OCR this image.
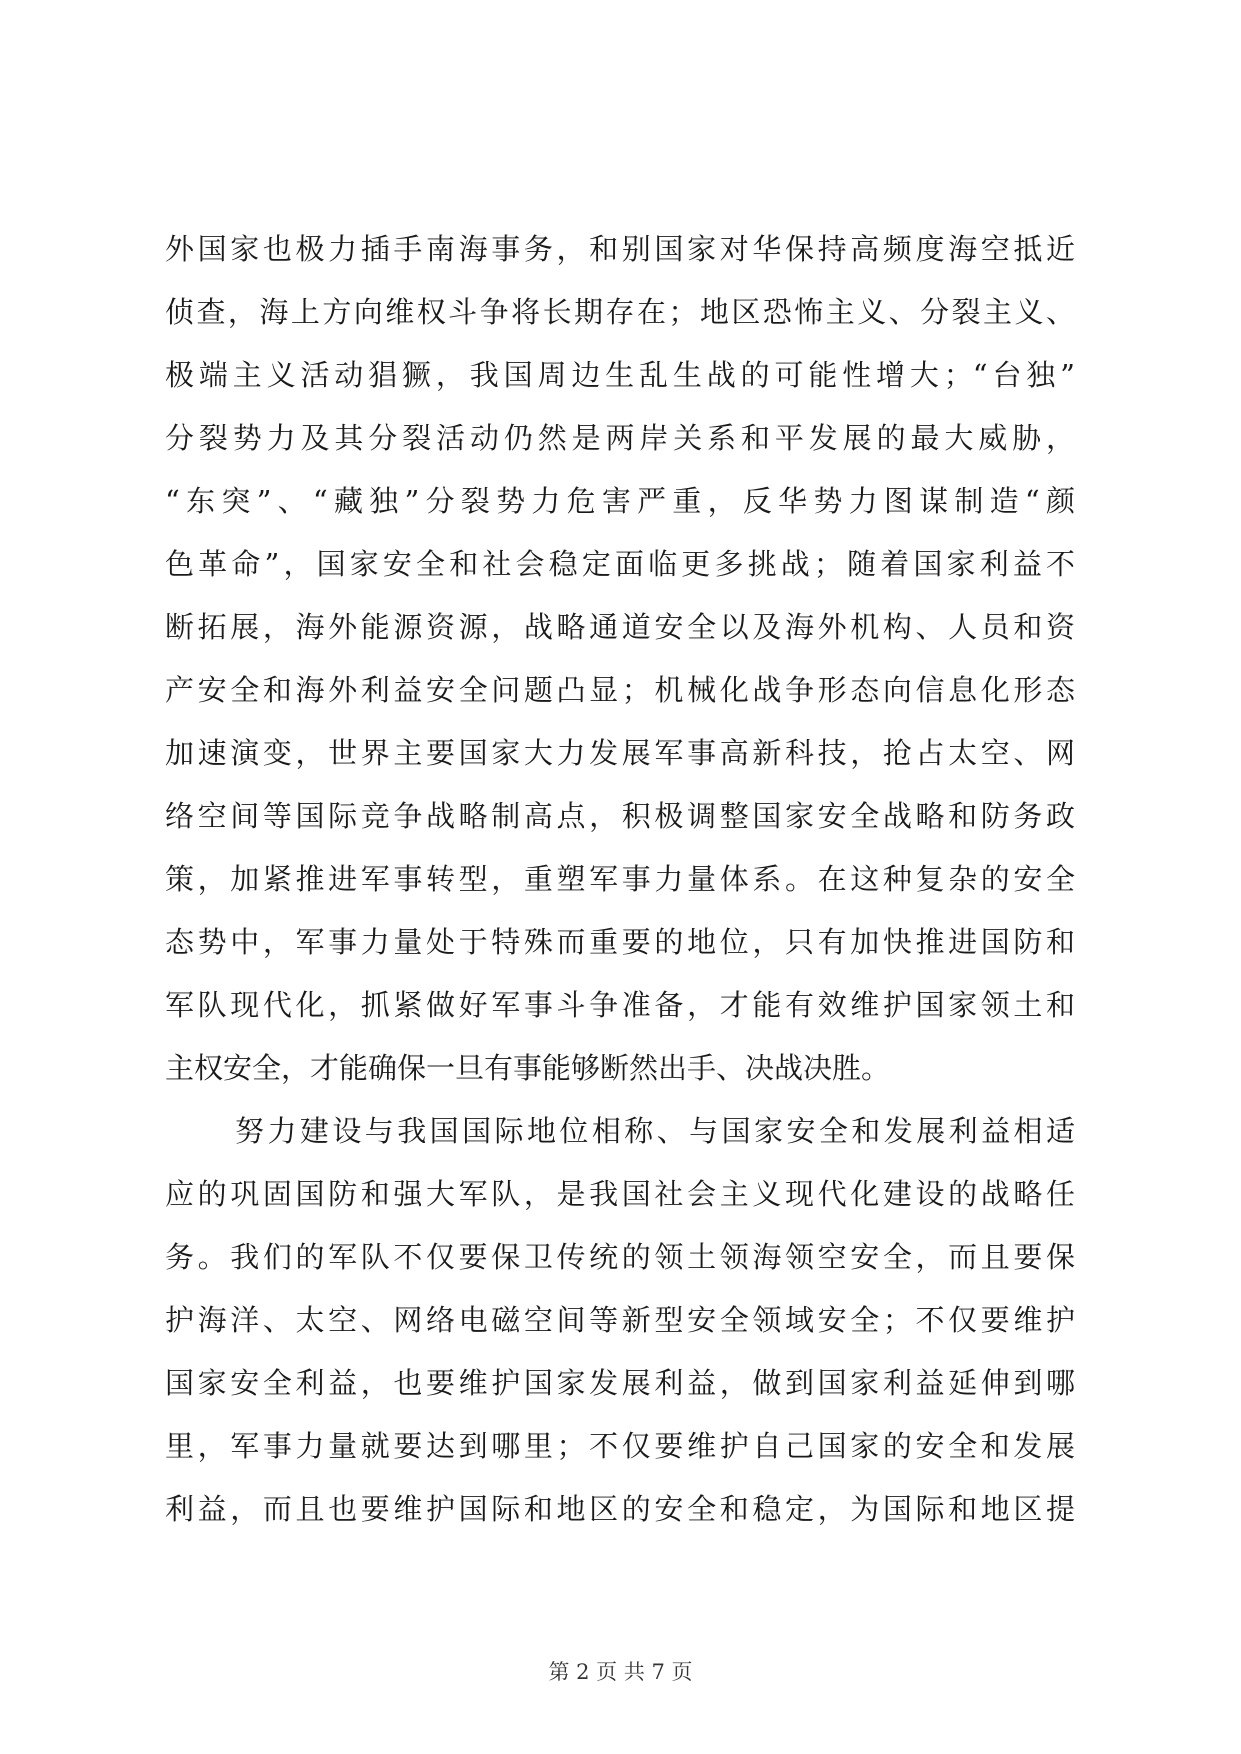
外国家也极力插手南海事务，和别国家对华保持高频度海空抵近
侦查，海上方向维权斗争将长期存在；地区恐怖主义、分裂主义、
极端主义活动猖獗，我国周边生乱生战的可能性增大；“台独”
分裂势力及其分裂活动仍然是两岸关系和平发展的最大威胁，
“东突”、“藏独”分裂势力危害严重，反华势力图谋制造“颜
色革命”，国家安全和社会稳定面临更多挑战；随着国家利益不
断拓展，海外能源资源，战略通道安全以及海外机构、人员和资
产安全和海外利益安全问题凸显；机械化战争形态向信息化形态
加速演变，世界主要国家大力发展军事高新科技，抢占太空、网
络空间等国际竞争战略制高点，积极调整国家安全战略和防务政
策，加紧推进军事转型，重塑军事力量体系。在这种复杂的安全
态势中，军事力量处于特殊而重要的地位，只有加快推进国防和
军队现代化，抓紧做好军事斗争准备，才能有效维护国家领土和
主权安全，才能确保一旦有事能够断然出手、决战决胜。
努力建设与我国国际地位相称、与国家安全和发展利益相适
应的巩固国防和强大军队，是我国社会主义现代化建设的战略任
务。我们的军队不仅要保卫传统的领土领海领空安全，而且要保
护海洋、太空、网络电磁空间等新型安全领域安全；不仅要维护
国家安全利益，也要维护国家发展利益，做到国家利益延伸到哪
里，军事力量就要达到哪里；不仅要维护自己国家的安全和发展
利益，而且也要维护国际和地区的安全和稳定，为国际和地区提
第 2 页 共 7 页
